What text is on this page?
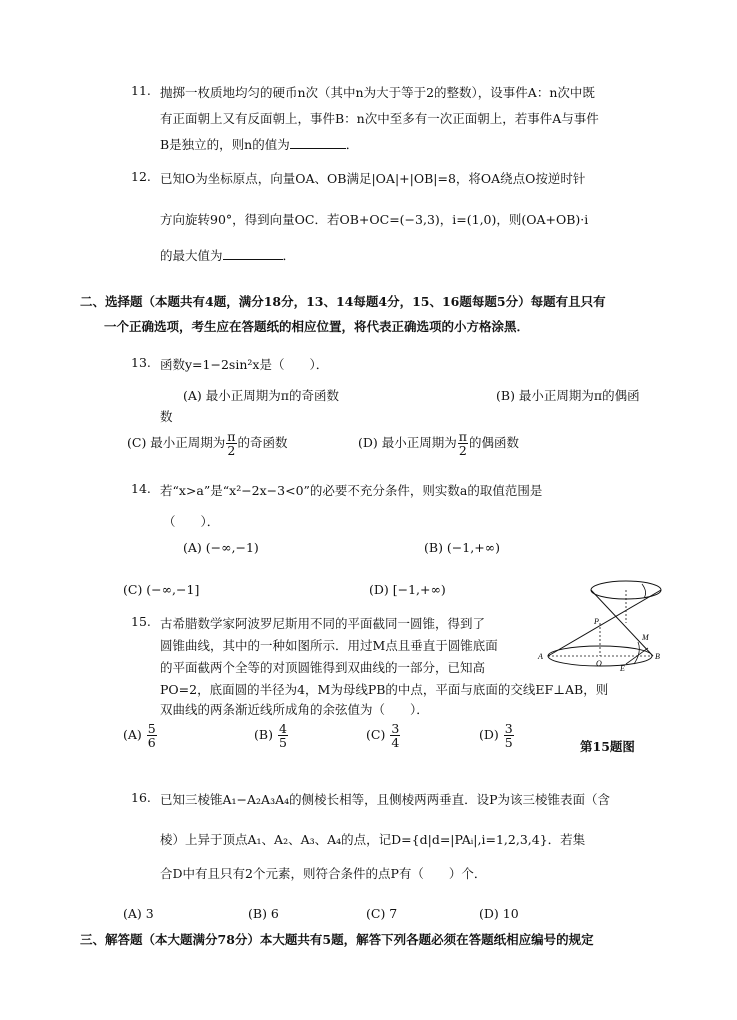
11. 抛掷一枚质地均匀的硬币n次（其中n为大于等于2的整数），设事件A：n次中既
有正面朝上又有反面朝上，事件B：n次中至多有一次正面朝上，若事件A与事件
B是独立的，则n的值为	．
12. 已知O为坐标原点，向量OA、OB满足|OA|+|OB|=8，将OA绕点O按逆时针
方向旋转90°，得到向量OC．若OB+OC=(−3,3)，i=(1,0)，则(OA+OB)·i
的最大值为	．
二、选择题（本题共有4题，满分18分，13、14每题4分，15、16题每题5分）每题有且只有
一个正确选项，考生应在答题纸的相应位置，将代表正确选项的小方格涂黑．
13. 函数y=1−2sin²x是（　　）．
(A) 最小正周期为π的奇函数	(B) 最小正周期为π的偶函
数
(C) 最小正周期为 $\frac{\pi}{2}$ 的奇函数	(D) 最小正周期为 $\frac{\pi}{2}$ 的偶函数
14. 若“x>a”是“x²−2x−3<0”的必要不充分条件，则实数a的取值范围是
（　　）．
(A) (−∞,−1)	(B) (−1,+∞)
(C) (−∞,−1]	(D) [−1,+∞)
15. 古希腊数学家阿波罗尼斯用不同的平面截同一圆锥，得到了
圆锥曲线，其中的一种如图所示．用过M点且垂直于圆锥底面
的平面截两个全等的对顶圆锥得到双曲线的一部分，已知高
PO=2，底面圆的半径为4，M为母线PB的中点，平面与底面的交线EF⊥AB，则
双曲线的两条渐近线所成角的余弦值为（　　）．
$(A) \frac{5}{6}$	$(B) \frac{4}{5}$	$(C) \frac{3}{4}$	$(D) \frac{3}{5}$	第15题图
P
M
A	B
O
E
16. 已知三棱锥A₁−A₂A₃A₄的侧棱长相等，且侧棱两两垂直．设P为该三棱锥表面（含
棱）上异于顶点A₁、A₂、A₃、A₄的点，记D={d|d=|PAᵢ|,i=1,2,3,4}．若集
合D中有且只有2个元素，则符合条件的点P有（　　）个．
(A) 3	(B) 6	(C) 7	(D) 10
三、解答题（本大题满分78分）本大题共有5题，解答下列各题必须在答题纸相应编号的规定
